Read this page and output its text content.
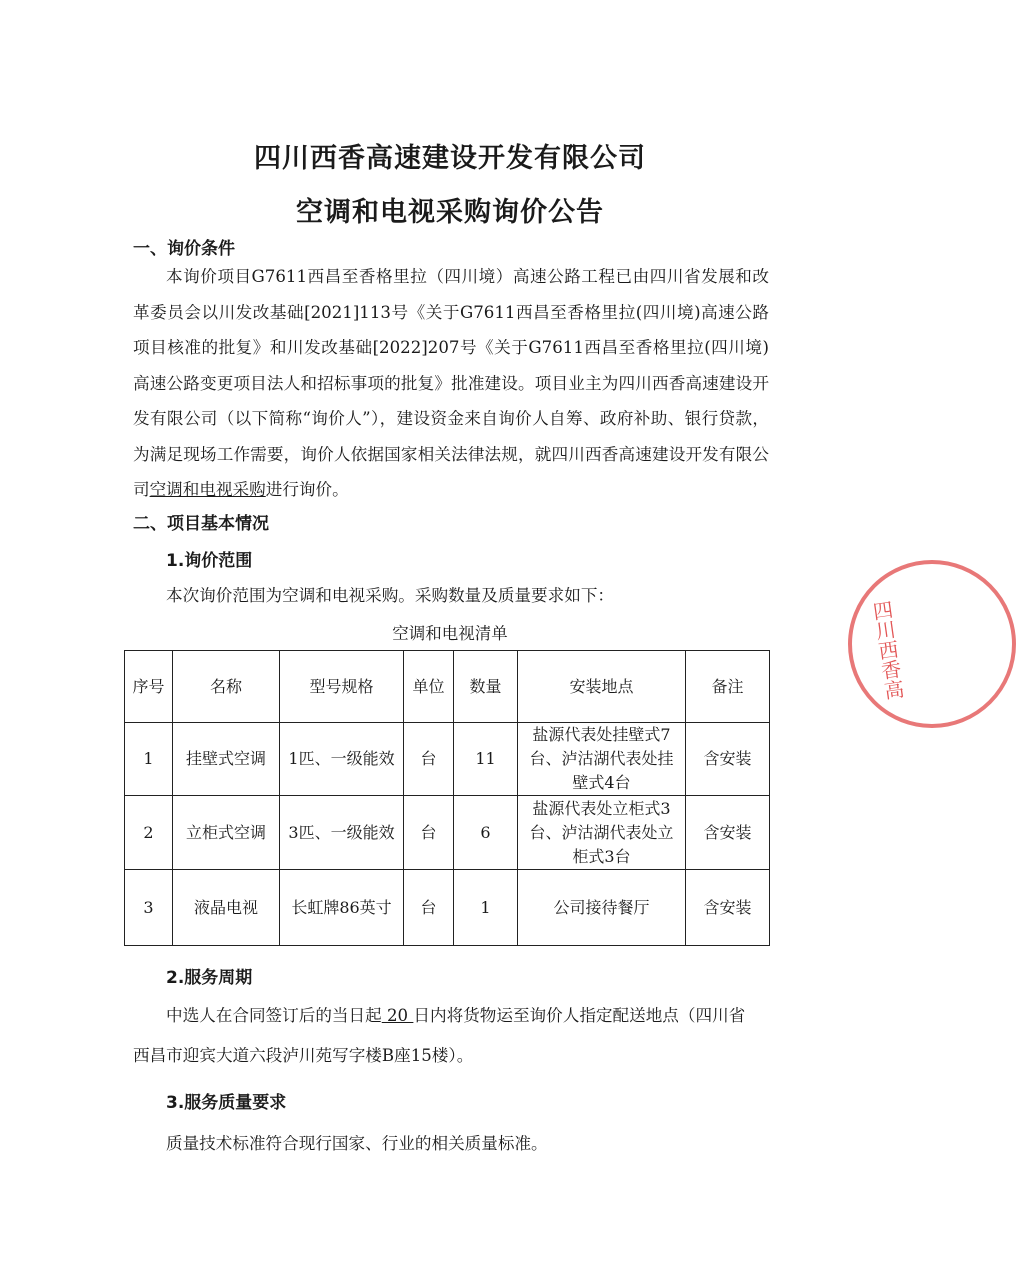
四川西香高速建设开发有限公司
空调和电视采购询价公告
一、询价条件
本询价项目G7611西昌至香格里拉（四川境）高速公路工程已由四川省发展和改革委员会以川发改基础[2021]113号《关于G7611西昌至香格里拉(四川境)高速公路项目核准的批复》和川发改基础[2022]207号《关于G7611西昌至香格里拉(四川境)高速公路变更项目法人和招标事项的批复》批准建设。项目业主为四川西香高速建设开发有限公司（以下简称“询价人”），建设资金来自询价人自筹、政府补助、银行贷款，为满足现场工作需要，询价人依据国家相关法律法规，就四川西香高速建设开发有限公司空调和电视采购进行询价。
二、项目基本情况
1.询价范围
本次询价范围为空调和电视采购。采购数量及质量要求如下：
空调和电视清单
序号	名称	型号规格	单位	数量	安装地点	备注
1	挂壁式空调	1匹、一级能效	台	11	盐源代表处挂壁式7台、泸沽湖代表处挂壁式4台	含安装
2	立柜式空调	3匹、一级能效	台	6	盐源代表处立柜式3台、泸沽湖代表处立柜式3台	含安装
3	液晶电视	长虹牌86英寸	台	1	公司接待餐厅	含安装
2.服务周期
中选人在合同签订后的当日起 20 日内将货物运至询价人指定配送地点（四川省
西昌市迎宾大道六段泸川苑写字楼B座15楼）。
3.服务质量要求
质量技术标准符合现行国家、行业的相关质量标准。
四川西香高
